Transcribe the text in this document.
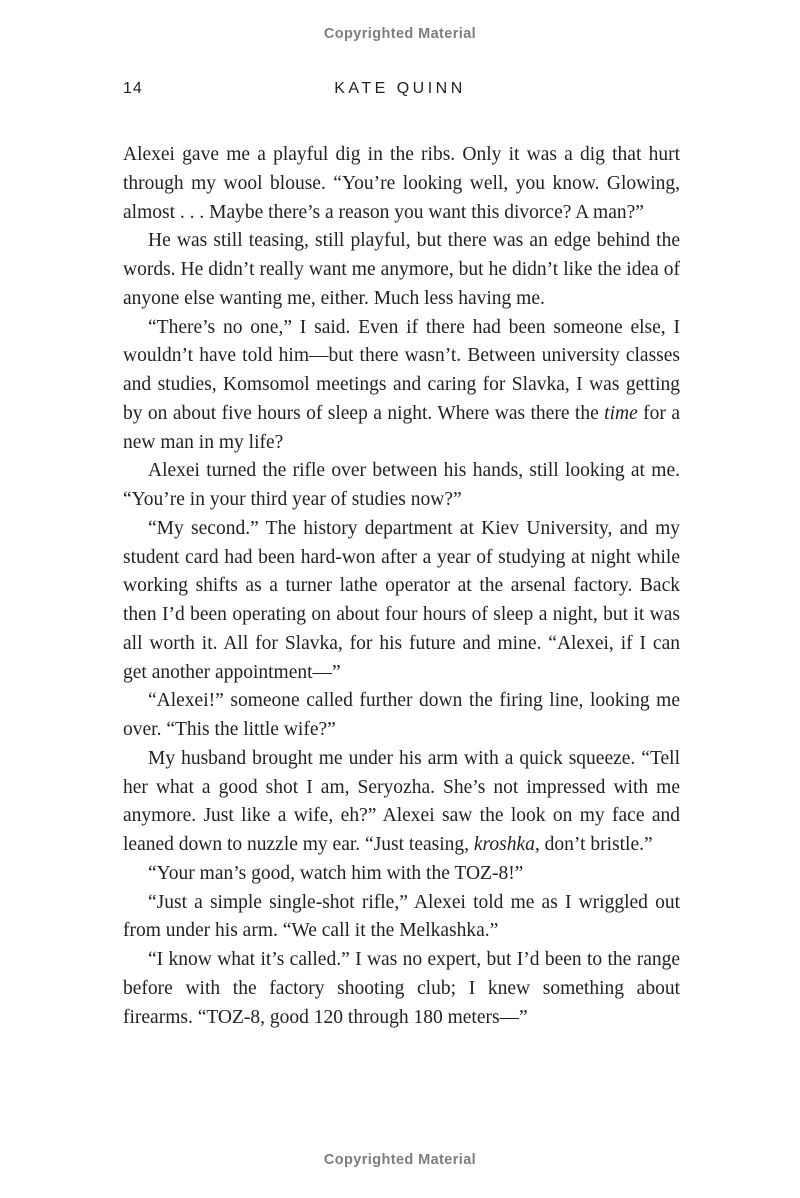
Copyrighted Material
14	KATE QUINN

Alexei gave me a playful dig in the ribs. Only it was a dig that hurt through my wool blouse. “You’re looking well, you know. Glowing, almost . . . Maybe there’s a reason you want this divorce? A man?”

He was still teasing, still playful, but there was an edge behind the words. He didn’t really want me anymore, but he didn’t like the idea of anyone else wanting me, either. Much less having me.

“There’s no one,” I said. Even if there had been someone else, I wouldn’t have told him—but there wasn’t. Between university classes and studies, Komsomol meetings and caring for Slavka, I was getting by on about five hours of sleep a night. Where was there the time for a new man in my life?

Alexei turned the rifle over between his hands, still looking at me. “You’re in your third year of studies now?”

“My second.” The history department at Kiev University, and my student card had been hard-won after a year of studying at night while working shifts as a turner lathe operator at the arsenal factory. Back then I’d been operating on about four hours of sleep a night, but it was all worth it. All for Slavka, for his future and mine. “Alexei, if I can get another appointment—”

“Alexei!” someone called further down the firing line, looking me over. “This the little wife?”

My husband brought me under his arm with a quick squeeze. “Tell her what a good shot I am, Seryozha. She’s not impressed with me anymore. Just like a wife, eh?” Alexei saw the look on my face and leaned down to nuzzle my ear. “Just teasing, kroshka, don’t bristle.”

“Your man’s good, watch him with the TOZ-8!”

“Just a simple single-shot rifle,” Alexei told me as I wriggled out from under his arm. “We call it the Melkashka.”

“I know what it’s called.” I was no expert, but I’d been to the range before with the factory shooting club; I knew something about firearms. “TOZ-8, good 120 through 180 meters—”

Copyrighted Material
